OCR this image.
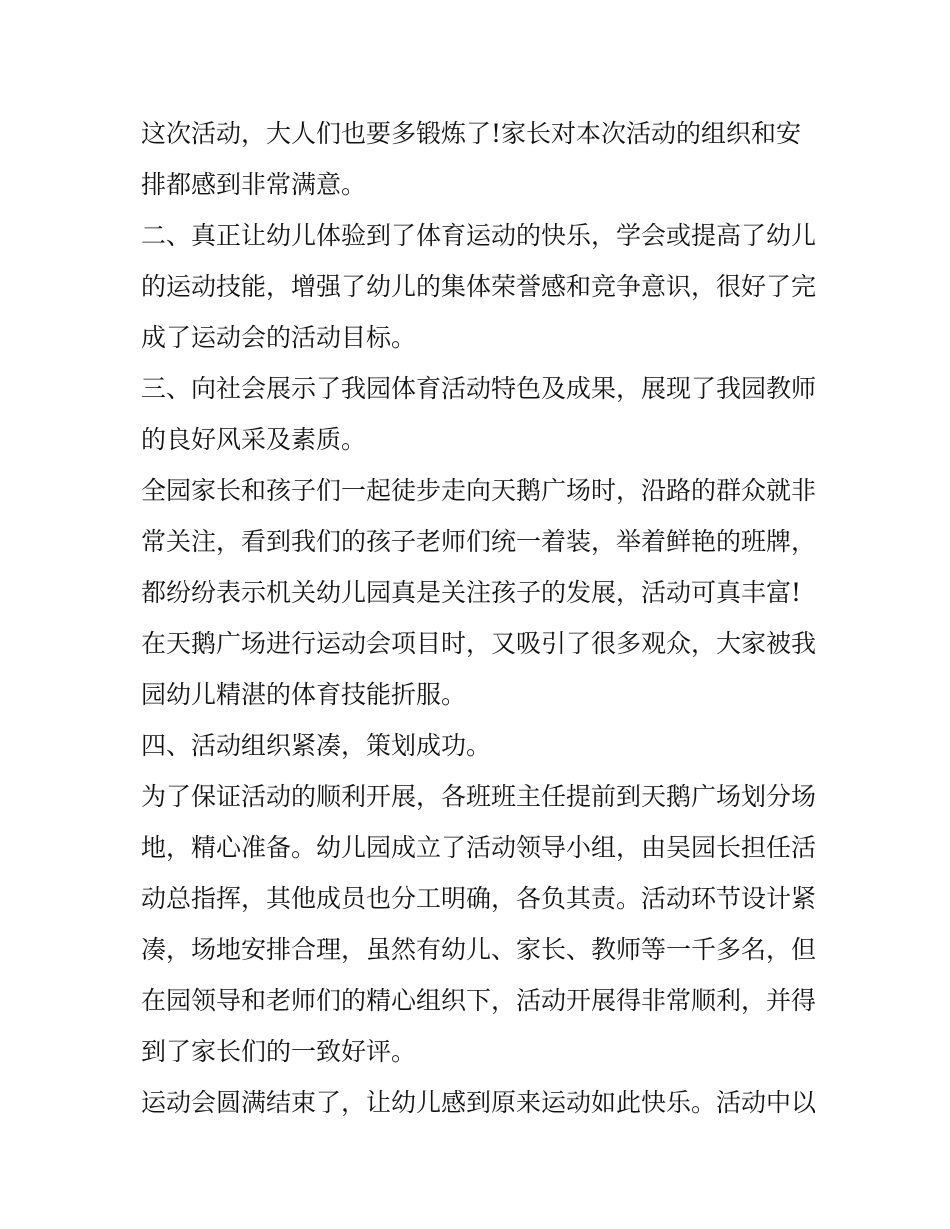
这次活动，大人们也要多锻炼了!家长对本次活动的组织和安
排都感到非常满意。
二、真正让幼儿体验到了体育运动的快乐，学会或提高了幼儿
的运动技能，增强了幼儿的集体荣誉感和竞争意识，很好了完
成了运动会的活动目标。
三、向社会展示了我园体育活动特色及成果，展现了我园教师
的良好风采及素质。
全园家长和孩子们一起徒步走向天鹅广场时，沿路的群众就非
常关注，看到我们的孩子老师们统一着装，举着鲜艳的班牌，
都纷纷表示机关幼儿园真是关注孩子的发展，活动可真丰富!
在天鹅广场进行运动会项目时，又吸引了很多观众，大家被我
园幼儿精湛的体育技能折服。
四、活动组织紧凑，策划成功。
为了保证活动的顺利开展，各班班主任提前到天鹅广场划分场
地，精心准备。幼儿园成立了活动领导小组，由吴园长担任活
动总指挥，其他成员也分工明确，各负其责。活动环节设计紧
凑，场地安排合理，虽然有幼儿、家长、教师等一千多名，但
在园领导和老师们的精心组织下，活动开展得非常顺利，并得
到了家长们的一致好评。
运动会圆满结束了，让幼儿感到原来运动如此快乐。活动中以
